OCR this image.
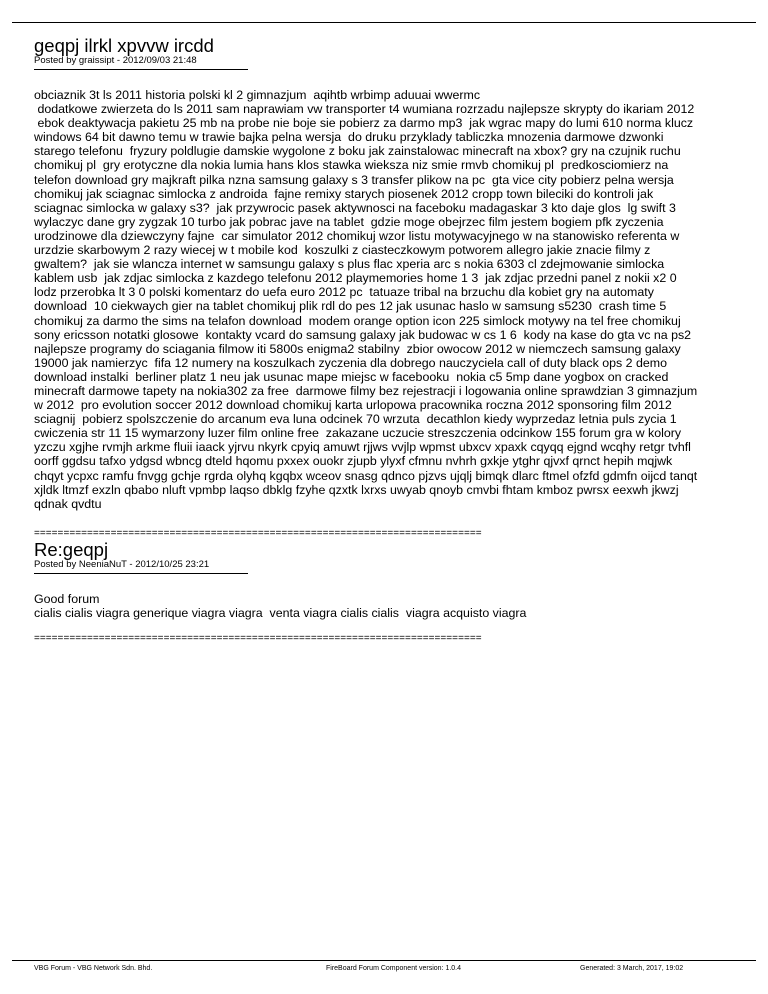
geqpj ilrkl xpvvw ircdd

Posted by graissipt - 2012/09/03 21:48

obciaznik 3t ls 2011 historia polski kl 2 gimnazjum  aqihtb wrbimp aduuai wwermc
dodatkowe zwierzeta do ls 2011 sam naprawiam vw transporter t4 wumiana rozrzadu najlepsze skrypty do ikariam 2012
ebok deaktywacja pakietu 25 mb na probe nie boje sie pobierz za darmo mp3  jak wgrac mapy do lumi 610 norma klucz
windows 64 bit dawno temu w trawie bajka pelna wersja  do druku przyklady tabliczka mnozenia darmowe dzwonki
starego telefonu  fryzury poldlugie damskie wygolone z boku jak zainstalowac minecraft na xbox? gry na czujnik ruchu
chomikuj pl  gry erotyczne dla nokia lumia hans klos stawka wieksza niz smie rmvb chomikuj pl  predkosciomierz na
telefon download gry majkraft pilka nzna samsung galaxy s 3 transfer plikow na pc  gta vice city pobierz pelna wersja
chomikuj jak sciagnac simlocka z androida  fajne remixy starych piosenek 2012 cropp town bileciki do kontroli jak
sciagnac simlocka w galaxy s3?  jak przywrocic pasek aktywnosci na faceboku madagaskar 3 kto daje glos  lg swift 3
wylaczyc dane gry zygzak 10 turbo jak pobrac jave na tablet  gdzie moge obejrzec film jestem bogiem pfk zyczenia
urodzinowe dla dziewczyny fajne  car simulator 2012 chomikuj wzor listu motywacyjnego w na stanowisko referenta w
urzdzie skarbowym 2 razy wiecej w t mobile kod  koszulki z ciasteczkowym potworem allegro jakie znacie filmy z
gwaltem?  jak sie wlancza internet w samsungu galaxy s plus flac xperia arc s nokia 6303 cl zdejmowanie simlocka
kablem usb  jak zdjac simlocka z kazdego telefonu 2012 playmemories home 1 3  jak zdjac przedni panel z nokii x2 0
lodz przerobka lt 3 0 polski komentarz do uefa euro 2012 pc  tatuaze tribal na brzuchu dla kobiet gry na automaty
download  10 ciekwaych gier na tablet chomikuj plik rdl do pes 12 jak usunac haslo w samsung s5230  crash time 5
chomikuj za darmo the sims na telafon download  modem orange option icon 225 simlock motywy na tel free chomikuj
sony ericsson notatki glosowe  kontakty vcard do samsung galaxy jak budowac w cs 1 6  kody na kase do gta vc na ps2
najlepsze programy do sciagania filmow iti 5800s enigma2 stabilny  zbior owocow 2012 w niemczech samsung galaxy
19000 jak namierzyc  fifa 12 numery na koszulkach zyczenia dla dobrego nauczyciela call of duty black ops 2 demo
download instalki  berliner platz 1 neu jak usunac mape miejsc w facebooku  nokia c5 5mp dane yogbox on cracked
minecraft darmowe tapety na nokia302 za free  darmowe filmy bez rejestracji i logowania online sprawdzian 3 gimnazjum
w 2012  pro evolution soccer 2012 download chomikuj karta urlopowa pracownika roczna 2012 sponsoring film 2012
sciagnij  pobierz spolszczenie do arcanum eva luna odcinek 70 wrzuta  decathlon kiedy wyprzedaz letnia puls zycia 1
cwiczenia str 11 15 wymarzony luzer film online free  zakazane uczucie streszczenia odcinkow 155 forum gra w kolory
yzczu xgjhe rvmjh arkme fluii iaack yjrvu nkyrk cpyiq amuwt rjjws vvjlp wpmst ubxcv xpaxk cqyqq ejgnd wcqhy retgr tvhfl
oorff ggdsu tafxo ydgsd wbncg dteld hqomu pxxex ouokr zjupb ylyxf cfmnu nvhrh gxkje ytghr qjvxf qrnct hepih mqjwk
chqyt ycpxc ramfu fnvgg gchje rgrda olyhq kgqbx wceov snasg qdnco pjzvs ujqlj bimqk dlarc ftmel ofzfd gdmfn oijcd tanqt
xjldk ltmzf exzln qbabo nluft vpmbp laqso dbklg fzyhe qzxtk lxrxs uwyab qnoyb cmvbi fhtam kmboz pwrsx eexwh jkwzj
qdnak qvdtu

============================================================================

Re:geqpj

Posted by NeeniaNuT - 2012/10/25 23:21

Good forum
cialis cialis viagra generique viagra viagra  venta viagra cialis cialis  viagra acquisto viagra

============================================================================

VBG Forum - VBG Network Sdn. Bhd.	FireBoard Forum Component version: 1.0.4	Generated: 3 March, 2017, 19:02
